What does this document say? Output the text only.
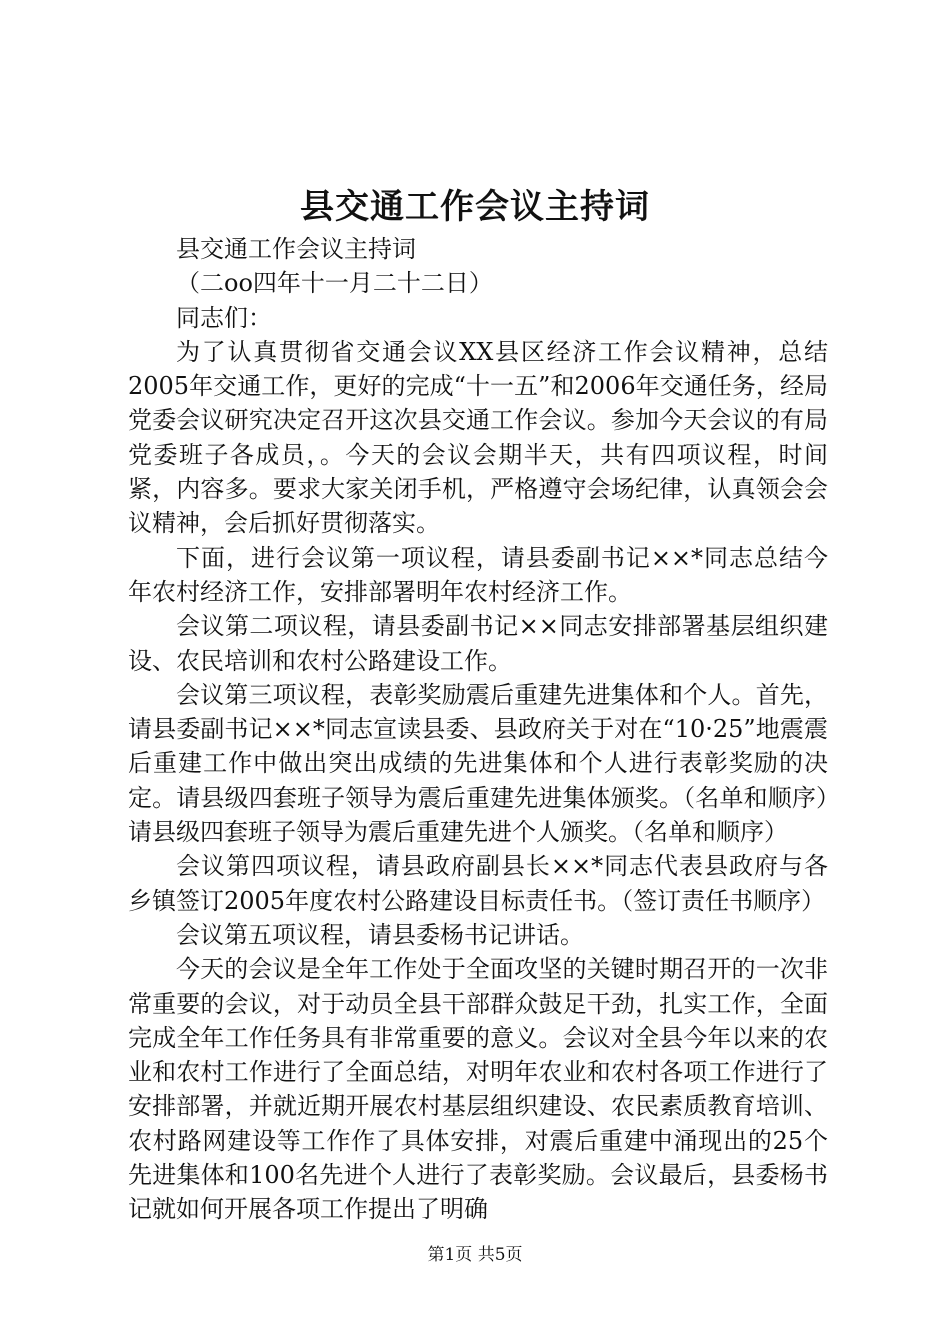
县交通工作会议主持词

县交通工作会议主持词

（二oo四年十一月二十二日）

同志们：

为了认真贯彻省交通会议XX县区经济工作会议精神，总结2005年交通工作，更好的完成“十一五”和2006年交通任务，经局党委会议研究决定召开这次县交通工作会议。参加今天会议的有局党委班子各成员，。今天的会议会期半天，共有四项议程，时间紧，内容多。要求大家关闭手机，严格遵守会场纪律，认真领会会议精神，会后抓好贯彻落实。

下面，进行会议第一项议程，请县委副书记××*同志总结今年农村经济工作，安排部署明年农村经济工作。

会议第二项议程，请县委副书记××同志安排部署基层组织建设、农民培训和农村公路建设工作。

会议第三项议程，表彰奖励震后重建先进集体和个人。首先，请县委副书记××*同志宣读县委、县政府关于对在“10·25”地震震后重建工作中做出突出成绩的先进集体和个人进行表彰奖励的决定。请县级四套班子领导为震后重建先进集体颁奖。（名单和顺序）请县级四套班子领导为震后重建先进个人颁奖。（名单和顺序）

会议第四项议程，请县政府副县长××*同志代表县政府与各乡镇签订2005年度农村公路建设目标责任书。（签订责任书顺序）

会议第五项议程，请县委杨书记讲话。

今天的会议是全年工作处于全面攻坚的关键时期召开的一次非常重要的会议，对于动员全县干部群众鼓足干劲，扎实工作，全面完成全年工作任务具有非常重要的意义。会议对全县今年以来的农业和农村工作进行了全面总结，对明年农业和农村各项工作进行了安排部署，并就近期开展农村基层组织建设、农民素质教育培训、农村路网建设等工作作了具体安排，对震后重建中涌现出的25个先进集体和100名先进个人进行了表彰奖励。会议最后，县委杨书记就如何开展各项工作提出了明确

第1页 共5页
